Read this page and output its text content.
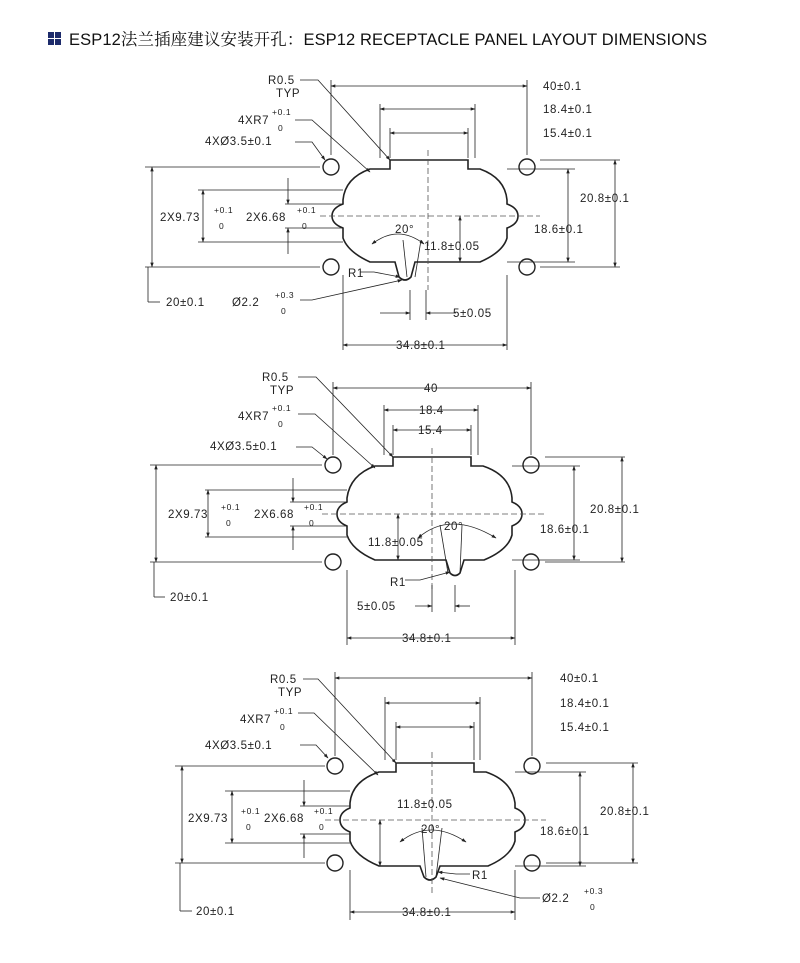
ESP12法兰插座建议安装开孔：ESP12 RECEPTACLE PANEL LAYOUT DIMENSIONS
R0.5
TYP
4XR7
+0.1
0
4XØ3.5±0.1
2X9.73
+0.1
0
2X6.68
+0.1
0
40±0.1
18.4±0.1
15.4±0.1
20.8±0.1
18.6±0.1
11.8±0.05
20°
R1
Ø2.2
+0.3
0
20±0.1
5±0.05
34.8±0.1
R0.5
TYP
4XR7
+0.1
0
4XØ3.5±0.1
2X9.73
+0.1
0
2X6.68
+0.1
0
40
18.4
15.4
20.8±0.1
18.6±0.1
11.8±0.05
20°
R1
20±0.1
5±0.05
34.8±0.1
R0.5
TYP
4XR7
+0.1
0
4XØ3.5±0.1
2X9.73
+0.1
0
2X6.68
+0.1
0
40±0.1
18.4±0.1
15.4±0.1
20.8±0.1
18.6±0.1
11.8±0.05
20°
R1
Ø2.2
+0.3
0
20±0.1	34.8±0.1
